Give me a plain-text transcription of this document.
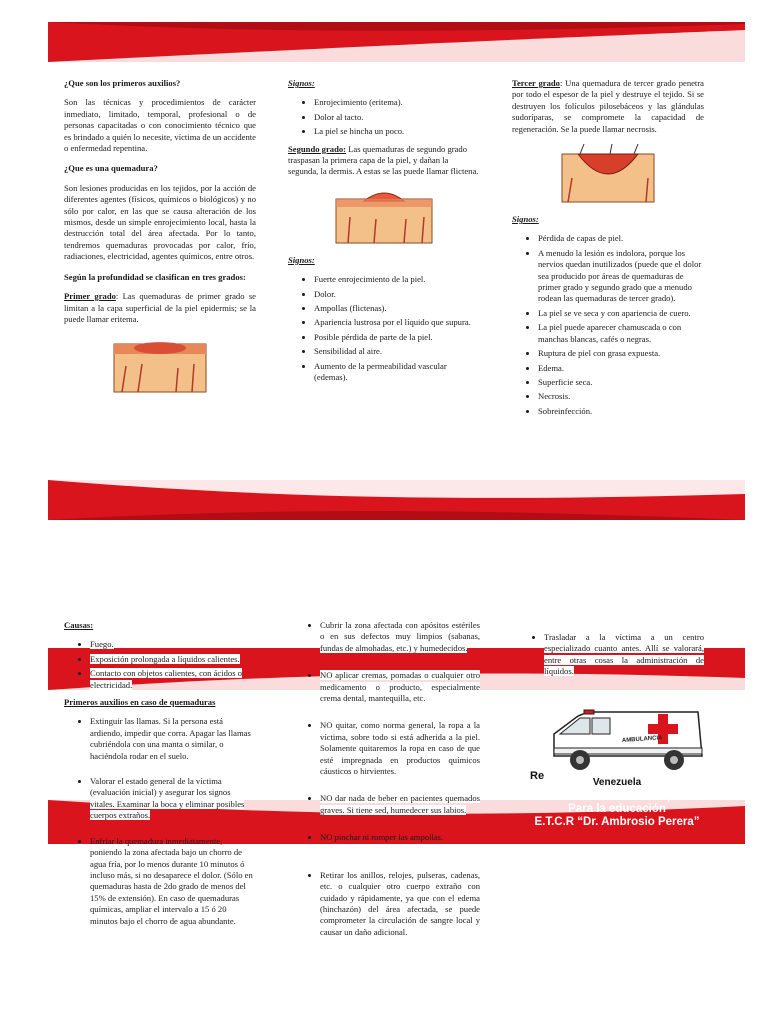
¿Que son los primeros auxilios?

Son las técnicas y procedimientos de carácter inmediato, limitado, temporal, profesional o de personas capacitadas o con conocimiento técnico que es brindado a quién lo necesite, víctima de un accidente o enfermedad repentina.

¿Que es una quemadura?

Son lesiones producidas en los tejidos, por la acción de diferentes agentes (físicos, químicos o biológicos) y no sólo por calor, en las que se causa alteración de los mismos, desde un simple enrojecimiento local, hasta la destrucción total del área afectada. Por lo tanto, tendremos quemaduras provocadas por calor, frío, radiaciones, electricidad, agentes químicos, entre otros.

Según la profundidad se clasifican en tres grados:

Primer grado: Las quemaduras de primer grado se limitan a la capa superficial de la piel epidermis; se la puede llamar eritema.

Signos:
• Enrojecimiento (eritema).
• Dolor al tacto.
• La piel se hincha un poco.

Segundo grado: Las quemaduras de segundo grado traspasan la primera capa de la piel, y dañan la segunda, la dermis. A estas se las puede llamar flictena.

Signos:
• Fuerte enrojecimiento de la piel.
• Dolor.
• Ampollas (flictenas).
• Apariencia lustrosa por el líquido que supura.
• Posible pérdida de parte de la piel.
• Sensibilidad al aire.
• Aumento de la permeabilidad vascular (edemas).

Tercer grado: Una quemadura de tercer grado penetra por todo el espesor de la piel y destruye el tejido. Si se destruyen los folículos pilosebáceos y las glándulas sudoríparas, se compromete la capacidad de regeneración. Se la puede llamar necrosis.

Signos:
• Pérdida de capas de piel.
• A menudo la lesión es indolora, porque los nervios quedan inutilizados (puede que el dolor sea producido por áreas de quemaduras de primer grado y segundo grado que a menudo rodean las quemaduras de tercer grado).
• La piel se ve seca y con apariencia de cuero.
• La piel puede aparecer chamuscada o con manchas blancas, cafés o negras.
• Ruptura de piel con grasa expuesta.
• Edema.
• Superficie seca.
• Necrosis.
• Sobreinfección.
Causas:
• Fuego.
• Exposición prolongada a líquidos calientes.
• Contacto con objetos calientes, con ácidos o electricidad.
Primeros auxilios en caso de quemaduras
• Extinguir las llamas. Si la persona está ardiendo, impedir que corra. Apagar las llamas cubriéndola con una manta o similar, o haciéndola rodar en el suelo.
• Valorar el estado general de la víctima (evaluación inicial) y asegurar los signos vitales. Examinar la boca y eliminar posibles cuerpos extraños.
• Enfriar la quemadura inmediatamente, poniendo la zona afectada bajo un chorro de agua fría, por lo menos durante 10 minutos ó incluso más, si no desaparece el dolor. (Sólo en quemaduras hasta de 2do grado de menos del 15% de extensión). En caso de quemaduras químicas, ampliar el intervalo a 15 ó 20 minutos bajo el chorro de agua abundante.
• Cubrir la zona afectada con apósitos estériles o en sus defectos muy limpios (sabanas, fundas de almohadas, etc.) y humedecidos.
• NO aplicar cremas, pomadas o cualquier otro medicamento o producto, especialmente crema dental, mantequilla, etc.
• NO quitar, como norma general, la ropa a la víctima, sobre todo si está adherida a la piel. Solamente quitaremos la ropa en caso de que esté impregnada en productos químicos cáusticos o hirvientes.
• NO dar nada de beber en pacientes quemados graves. Si tiene sed, humedecer sus labios.
• NO pinchar ni romper las ampollas.
• Retirar los anillos, relojes, pulseras, cadenas, etc. o cualquier otro cuerpo extraño con cuidado y rápidamente, ya que con el edema (hinchazón) del área afectada, se puede comprometer la circulación de sangre local y causar un daño adicional.
• Trasladar a la víctima a un centro especializado cuanto antes. Allí se valorará, entre otras cosas la administración de líquidos.
AMBULANCIA
Re
Venezuela
Ministerio del Poder Popular
Para la educación
E.T.C.R “Dr. Ambrosio Perera”
